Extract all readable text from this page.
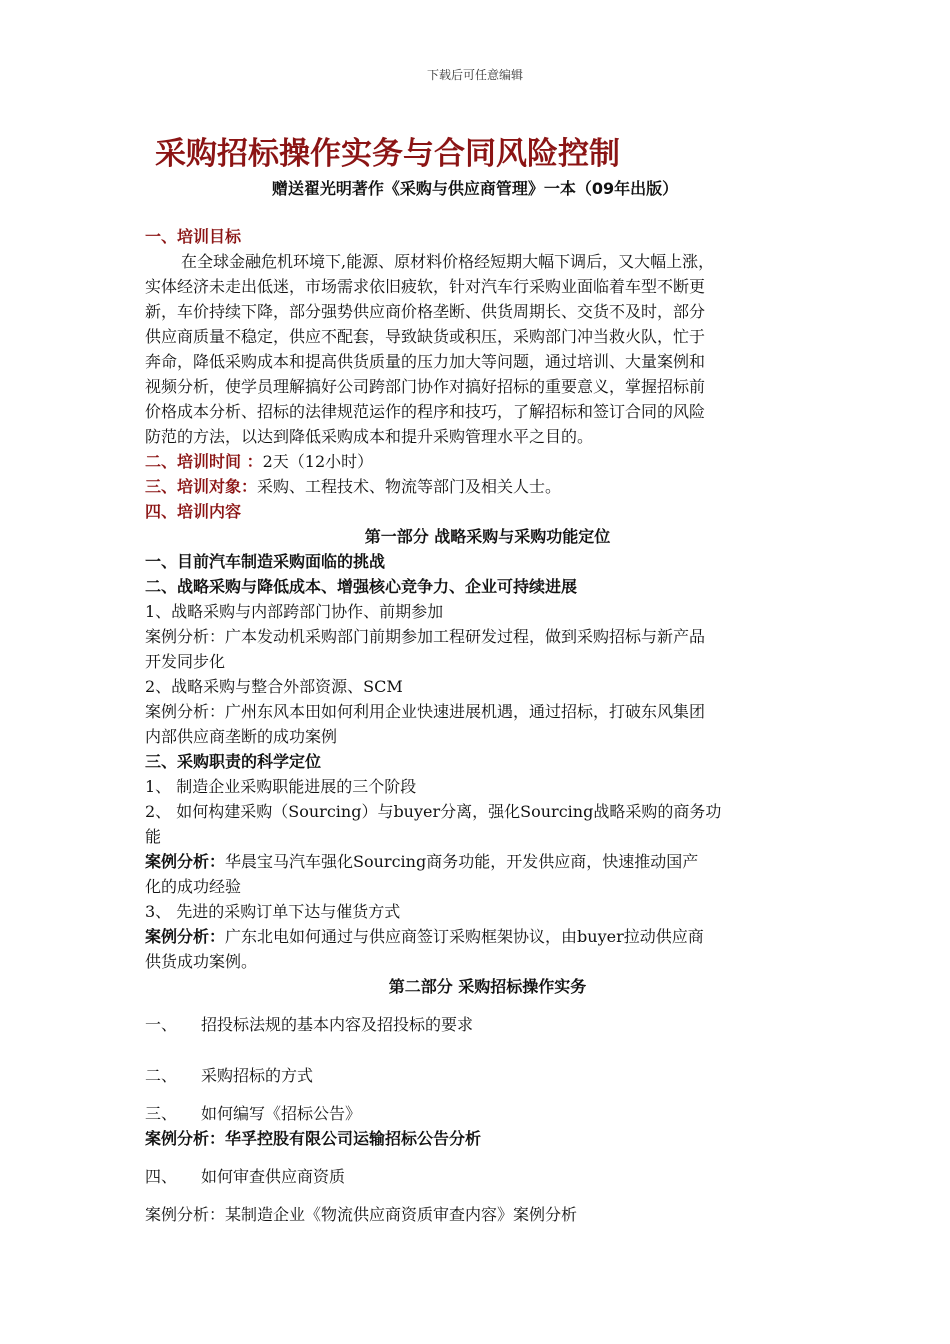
下载后可任意编辑
采购招标操作实务与合同风险控制
赠送翟光明著作《采购与供应商管理》一本（09年出版）
一、培训目标
在全球金融危机环境下,能源、原材料价格经短期大幅下调后，又大幅上涨，
实体经济未走出低迷，市场需求依旧疲软，针对汽车行采购业面临着车型不断更
新，车价持续下降，部分强势供应商价格垄断、供货周期长、交货不及时，部分
供应商质量不稳定，供应不配套，导致缺货或积压，采购部门冲当救火队，忙于
奔命，降低采购成本和提高供货质量的压力加大等问题，通过培训、大量案例和
视频分析，使学员理解搞好公司跨部门协作对搞好招标的重要意义，掌握招标前
价格成本分析、招标的法律规范运作的程序和技巧，了解招标和签订合同的风险
防范的方法，以达到降低采购成本和提升采购管理水平之目的。
二、培训时间 ：2天（12小时）
三、培训对象：采购、工程技术、物流等部门及相关人士。
四、培训内容
第一部分 战略采购与采购功能定位
一、目前汽车制造采购面临的挑战
二、战略采购与降低成本、增强核心竞争力、企业可持续进展
1、战略采购与内部跨部门协作、前期参加
案例分析：广本发动机采购部门前期参加工程研发过程，做到采购招标与新产品
开发同步化
2、战略采购与整合外部资源、SCM
案例分析：广州东风本田如何利用企业快速进展机遇，通过招标，打破东风集团
内部供应商垄断的成功案例
三、采购职责的科学定位
1、 制造企业采购职能进展的三个阶段
2、 如何构建采购（Sourcing）与buyer分离，强化Sourcing战略采购的商务功
能
案例分析：华晨宝马汽车强化Sourcing商务功能，开发供应商，快速推动国产
化的成功经验
3、 先进的采购订单下达与催货方式
案例分析：广东北电如何通过与供应商签订采购框架协议，由buyer拉动供应商
供货成功案例。
第二部分 采购招标操作实务
一、 招投标法规的基本内容及招投标的要求
二、 采购招标的方式
三、 如何编写《招标公告》
案例分析：华孚控股有限公司运输招标公告分析
四、 如何审查供应商资质
案例分析：某制造企业《物流供应商资质审查内容》案例分析
